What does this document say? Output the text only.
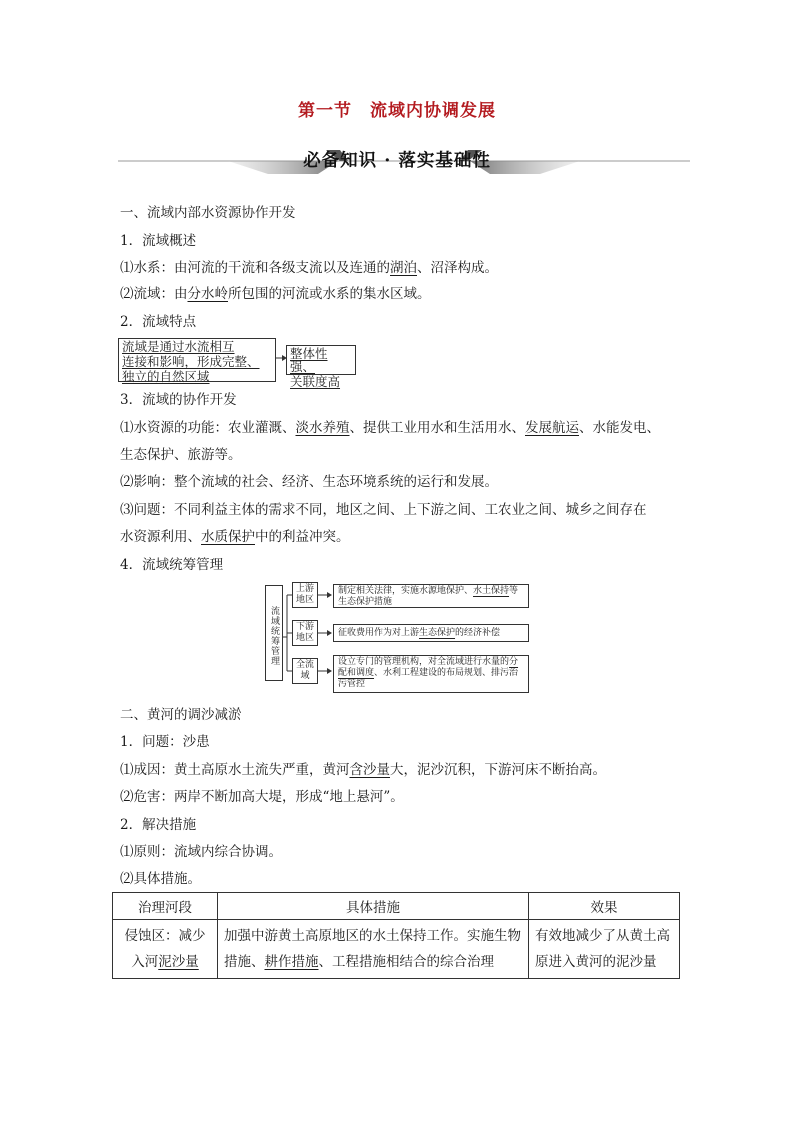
第一节　流域内协调发展
必备知识 · 落实基础性
一、流域内部水资源协作开发
1．流域概述
⑴水系：由河流的干流和各级支流以及连通的湖泊、沼泽构成。
⑵流域：由分水岭所包围的河流或水系的集水区域。
2．流域特点
流域是通过水流相互
连接和影响，形成完整、
独立的自然区域
整体性强、
关联度高
3．流域的协作开发
⑴水资源的功能：农业灌溉、淡水养殖、提供工业用水和生活用水、发展航运、水能发电、
生态保护、旅游等。
⑵影响：整个流域的社会、经济、生态环境系统的运行和发展。
⑶问题：不同利益主体的需求不同，地区之间、上下游之间、工农业之间、城乡之间存在
水资源利用、水质保护中的利益冲突。
4．流域统筹管理
流域统筹管理
上游地区
制定相关法律，实施水源地保护、水土保持等生态保护措施
下游地区	征收费用作为对上游生态保护的经济补偿
全流域
设立专门的管理机构，对全流域进行水量的分配和调度、水利工程建设的布局规划、排污治污管控
二、黄河的调沙减淤
1．问题：沙患
⑴成因：黄土高原水土流失严重，黄河含沙量大，泥沙沉积，下游河床不断抬高。
⑵危害：两岸不断加高大堤，形成“地上悬河”。
2．解决措施
⑴原则：流域内综合协调。
⑵具体措施。
治理河段	具体措施	效果
侵蚀区：减少入河泥沙量	加强中游黄土高原地区的水土保持工作。实施生物措施、耕作措施、工程措施相结合的综合治理	有效地减少了从黄土高原进入黄河的泥沙量
